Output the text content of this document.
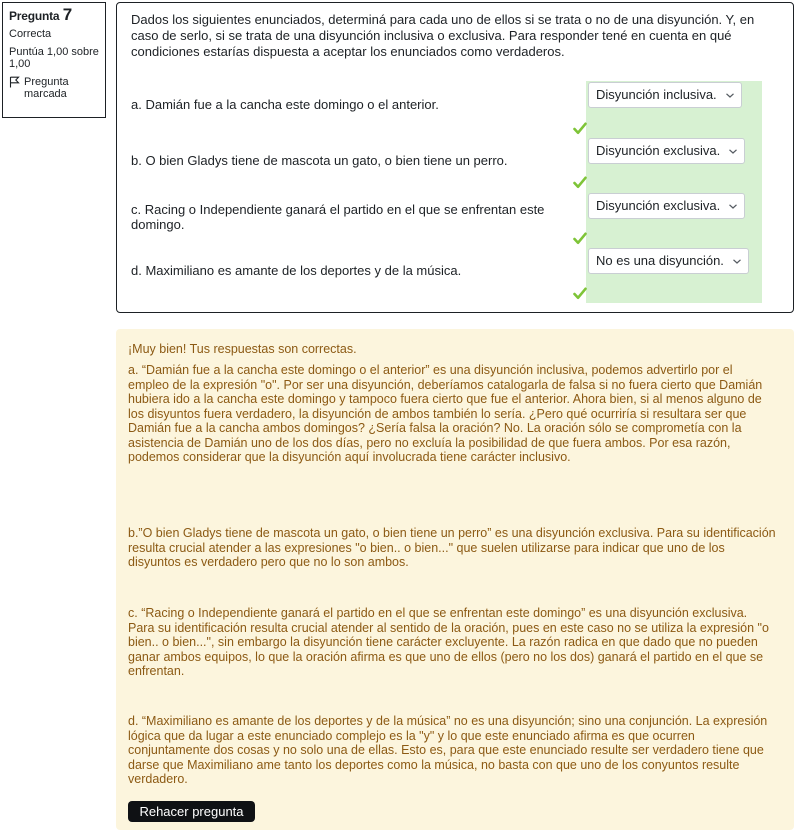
Pregunta 7
Correcta
Puntúa 1,00 sobre 1,00
Pregunta marcada
Dados los siguientes enunciados, determiná para cada uno de ellos si se trata o no de una disyunción. Y, en caso de serlo, si se trata de una disyunción inclusiva o exclusiva. Para responder tené en cuenta en qué condiciones estarías dispuesta a aceptar los enunciados como verdaderos.
a. Damián fue a la cancha este domingo o el anterior.
Disyunción inclusiva.
b. O bien Gladys tiene de mascota un gato, o bien tiene un perro.
Disyunción exclusiva.
c. Racing o Independiente ganará el partido en el que se enfrentan este domingo.
Disyunción exclusiva.
d. Maximiliano es amante de los deportes y de la música.
No es una disyunción.

¡Muy bien! Tus respuestas son correctas.

a. “Damián fue a la cancha este domingo o el anterior” es una disyunción inclusiva, podemos advertirlo por el empleo de la expresión "o". Por ser una disyunción, deberíamos catalogarla de falsa si no fuera cierto que Damián hubiera ido a la cancha este domingo y tampoco fuera cierto que fue el anterior. Ahora bien, si al menos alguno de los disyuntos fuera verdadero, la disyunción de ambos también lo sería. ¿Pero qué ocurriría si resultara ser que Damián fue a la cancha ambos domingos? ¿Sería falsa la oración? No. La oración sólo se comprometía con la asistencia de Damián uno de los dos días, pero no excluía la posibilidad de que fuera ambos. Por esa razón, podemos considerar que la disyunción aquí involucrada tiene carácter inclusivo.

b.”O bien Gladys tiene de mascota un gato, o bien tiene un perro” es una disyunción exclusiva. Para su identificación resulta crucial atender a las expresiones "o bien.. o bien..." que suelen utilizarse para indicar que uno de los disyuntos es verdadero pero que no lo son ambos.

c. “Racing o Independiente ganará el partido en el que se enfrentan este domingo” es una disyunción exclusiva. Para su identificación resulta crucial atender al sentido de la oración, pues en este caso no se utiliza la expresión "o bien.. o bien...", sin embargo la disyunción tiene carácter excluyente. La razón radica en que dado que no pueden ganar ambos equipos, lo que la oración afirma es que uno de ellos (pero no los dos) ganará el partido en el que se enfrentan.

d. “Maximiliano es amante de los deportes y de la música” no es una disyunción; sino una conjunción. La expresión lógica que da lugar a este enunciado complejo es la "y" y lo que este enunciado afirma es que ocurren conjuntamente dos cosas y no solo una de ellas. Esto es, para que este enunciado resulte ser verdadero tiene que darse que Maximiliano ame tanto los deportes como la música, no basta con que uno de los conyuntos resulte verdadero.

Rehacer pregunta
